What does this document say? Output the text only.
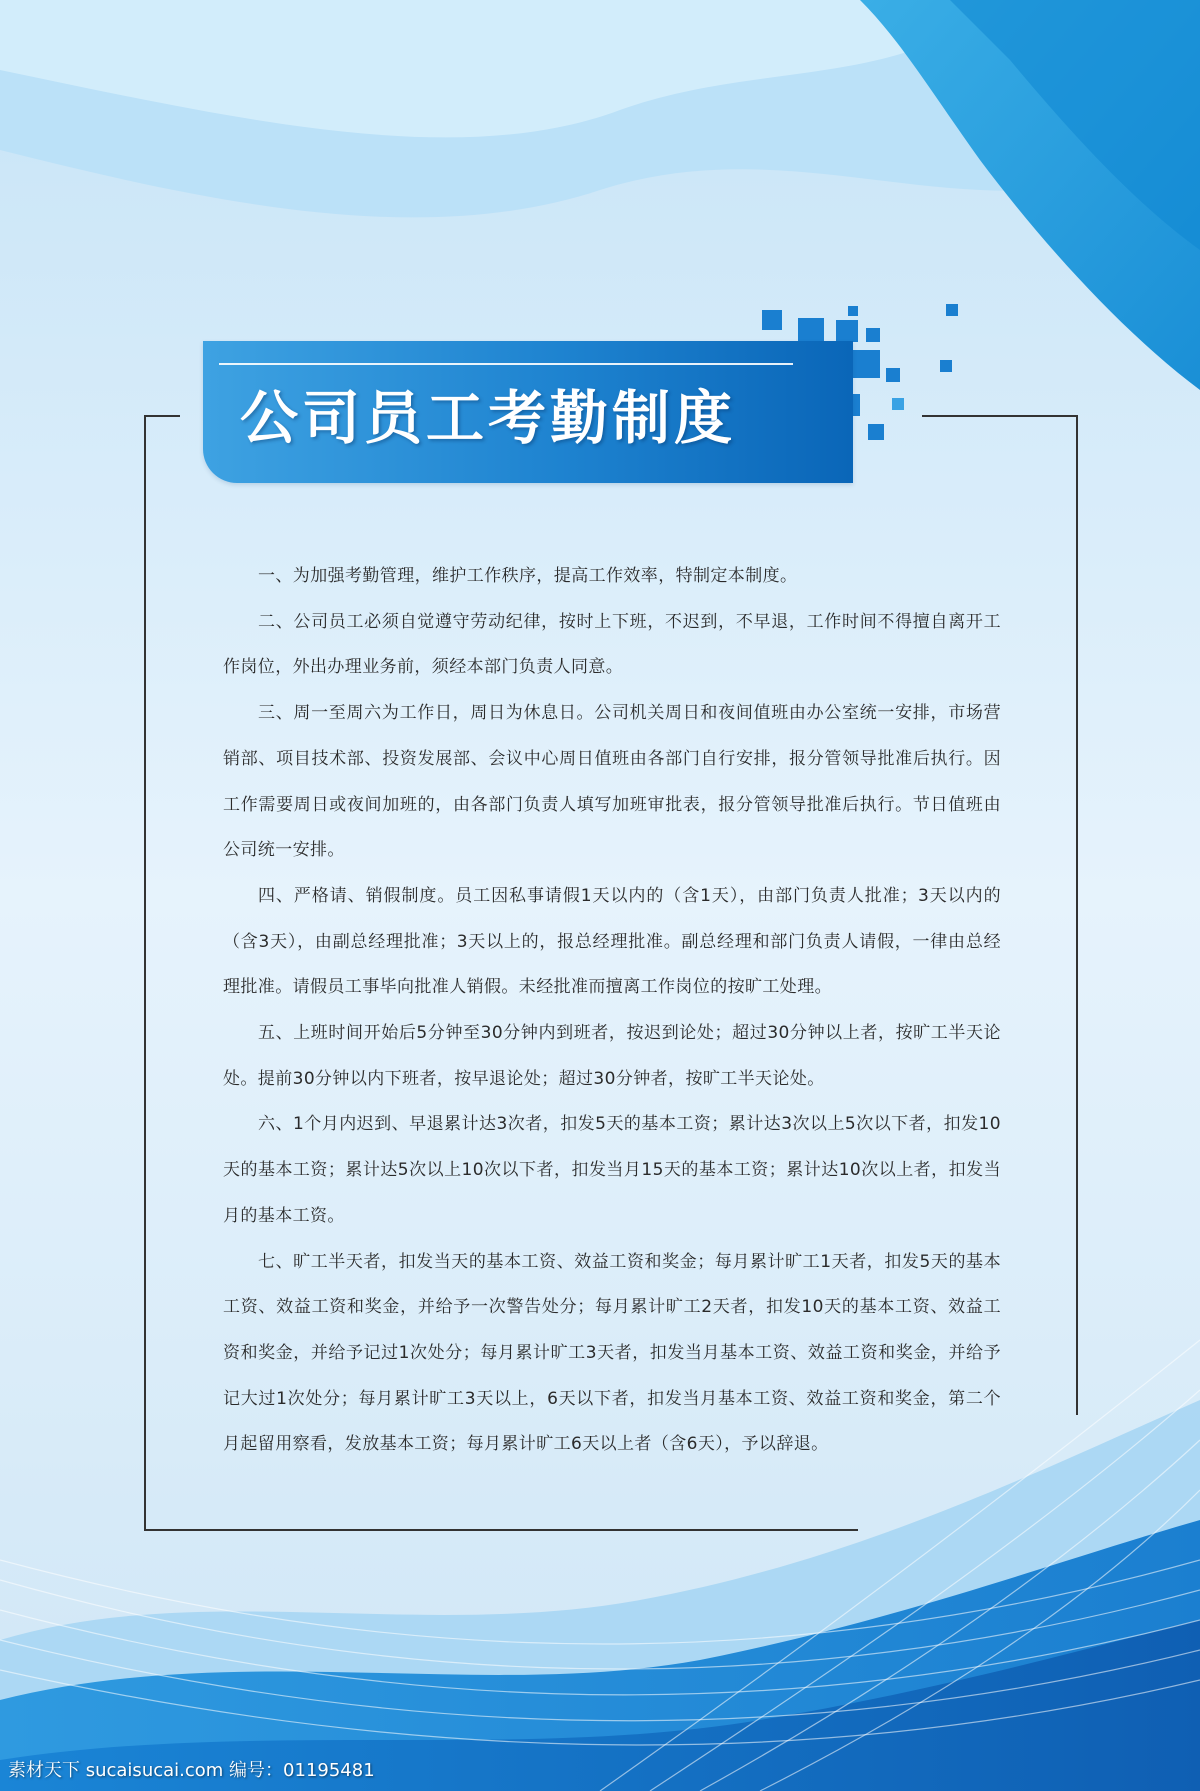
公司员工考勤制度

一、为加强考勤管理，维护工作秩序，提高工作效率，特制定本制度。

二、公司员工必须自觉遵守劳动纪律，按时上下班，不迟到，不早退，工作时间不得擅自离开工作岗位，外出办理业务前，须经本部门负责人同意。

三、周一至周六为工作日，周日为休息日。公司机关周日和夜间值班由办公室统一安排，市场营销部、项目技术部、投资发展部、会议中心周日值班由各部门自行安排，报分管领导批准后执行。因工作需要周日或夜间加班的，由各部门负责人填写加班审批表，报分管领导批准后执行。节日值班由公司统一安排。

四、严格请、销假制度。员工因私事请假1天以内的（含1天），由部门负责人批准；3天以内的（含3天），由副总经理批准；3天以上的，报总经理批准。副总经理和部门负责人请假，一律由总经理批准。请假员工事毕向批准人销假。未经批准而擅离工作岗位的按旷工处理。

五、上班时间开始后5分钟至30分钟内到班者，按迟到论处；超过30分钟以上者，按旷工半天论处。提前30分钟以内下班者，按早退论处；超过30分钟者，按旷工半天论处。

六、1个月内迟到、早退累计达3次者，扣发5天的基本工资；累计达3次以上5次以下者，扣发10天的基本工资；累计达5次以上10次以下者，扣发当月15天的基本工资；累计达10次以上者，扣发当月的基本工资。

七、旷工半天者，扣发当天的基本工资、效益工资和奖金；每月累计旷工1天者，扣发5天的基本工资、效益工资和奖金，并给予一次警告处分；每月累计旷工2天者，扣发10天的基本工资、效益工资和奖金，并给予记过1次处分；每月累计旷工3天者，扣发当月基本工资、效益工资和奖金，并给予记大过1次处分；每月累计旷工3天以上，6天以下者，扣发当月基本工资、效益工资和奖金，第二个月起留用察看，发放基本工资；每月累计旷工6天以上者（含6天），予以辞退。

素材天下 sucaisucai.com 编号：01195481
